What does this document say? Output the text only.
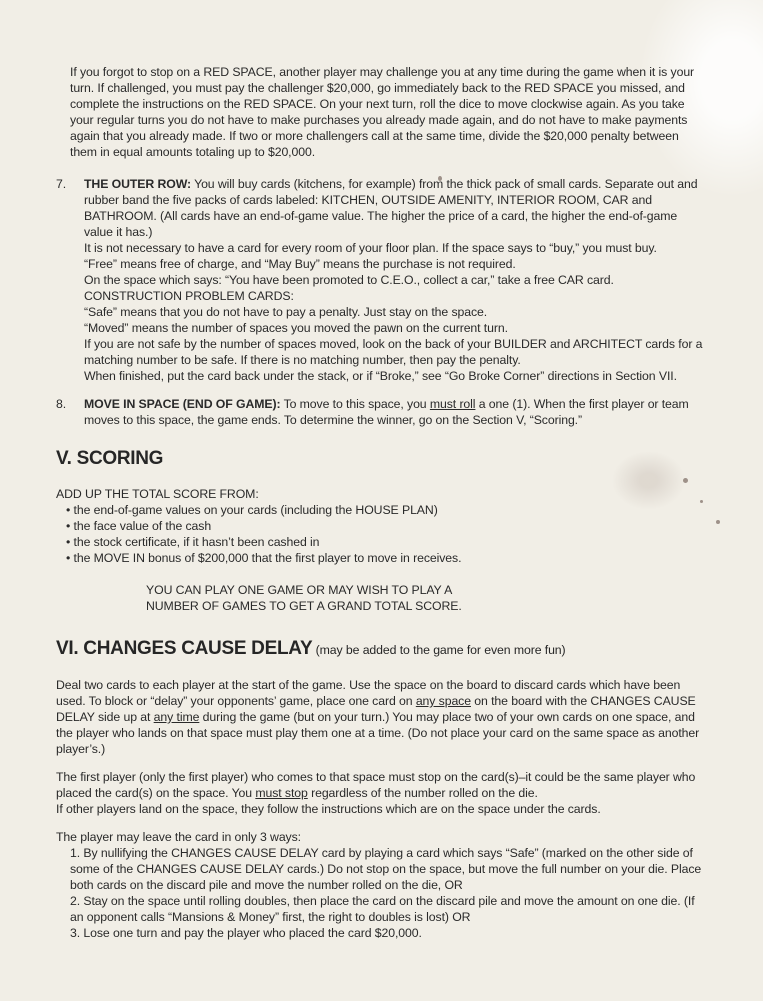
If you forgot to stop on a RED SPACE, another player may challenge you at any time during the game when it is your turn. If challenged, you must pay the challenger $20,000, go immediately back to the RED SPACE you missed, and complete the instructions on the RED SPACE. On your next turn, roll the dice to move clockwise again. As you take your regular turns you do not have to make purchases you already made again, and do not have to make payments again that you already made. If two or more challengers call at the same time, divide the $20,000 penalty between them in equal amounts totaling up to $20,000.

7. THE OUTER ROW: You will buy cards (kitchens, for example) from the thick pack of small cards. Separate out and rubber band the five packs of cards labeled: KITCHEN, OUTSIDE AMENITY, INTERIOR ROOM, CAR and BATHROOM. (All cards have an end-of-game value. The higher the price of a card, the higher the end-of-game value it has.)
It is not necessary to have a card for every room of your floor plan. If the space says to “buy,” you must buy.
“Free” means free of charge, and “May Buy” means the purchase is not required.
On the space which says: “You have been promoted to C.E.O., collect a car,” take a free CAR card.
CONSTRUCTION PROBLEM CARDS:
“Safe” means that you do not have to pay a penalty. Just stay on the space.
“Moved” means the number of spaces you moved the pawn on the current turn.
If you are not safe by the number of spaces moved, look on the back of your BUILDER and ARCHITECT cards for a matching number to be safe. If there is no matching number, then pay the penalty.
When finished, put the card back under the stack, or if “Broke,” see “Go Broke Corner” directions in Section VII.
8.	MOVE IN SPACE (END OF GAME): To move to this space, you must roll a one (1). When the first player or team moves to this space, the game ends. To determine the winner, go on the Section V, “Scoring.”
V. SCORING

ADD UP THE TOTAL SCORE FROM:

• the end-of-game values on your cards (including the HOUSE PLAN)
• the face value of the cash
• the stock certificate, if it hasn’t been cashed in
• the MOVE IN bonus of $200,000 that the first player to move in receives.
YOU CAN PLAY ONE GAME OR MAY WISH TO PLAY A
NUMBER OF GAMES TO GET A GRAND TOTAL SCORE.
VI. CHANGES CAUSE DELAY (may be added to the game for even more fun)

Deal two cards to each player at the start of the game. Use the space on the board to discard cards which have been used. To block or “delay” your opponents’ game, place one card on any space on the board with the CHANGES CAUSE DELAY side up at any time during the game (but on your turn.) You may place two of your own cards on one space, and the player who lands on that space must play them one at a time. (Do not place your card on the same space as another player’s.)

The first player (only the first player) who comes to that space must stop on the card(s)–it could be the same player who placed the card(s) on the space. You must stop regardless of the number rolled on the die.
If other players land on the space, they follow the instructions which are on the space under the cards.

The player may leave the card in only 3 ways:

1. By nullifying the CHANGES CAUSE DELAY card by playing a card which says “Safe” (marked on the other side of some of the CHANGES CAUSE DELAY cards.) Do not stop on the space, but move the full number on your die. Place both cards on the discard pile and move the number rolled on the die, OR
2. Stay on the space until rolling doubles, then place the card on the discard pile and move the amount on one die. (If an opponent calls “Mansions & Money” first, the right to doubles is lost) OR
3. Lose one turn and pay the player who placed the card $20,000.
